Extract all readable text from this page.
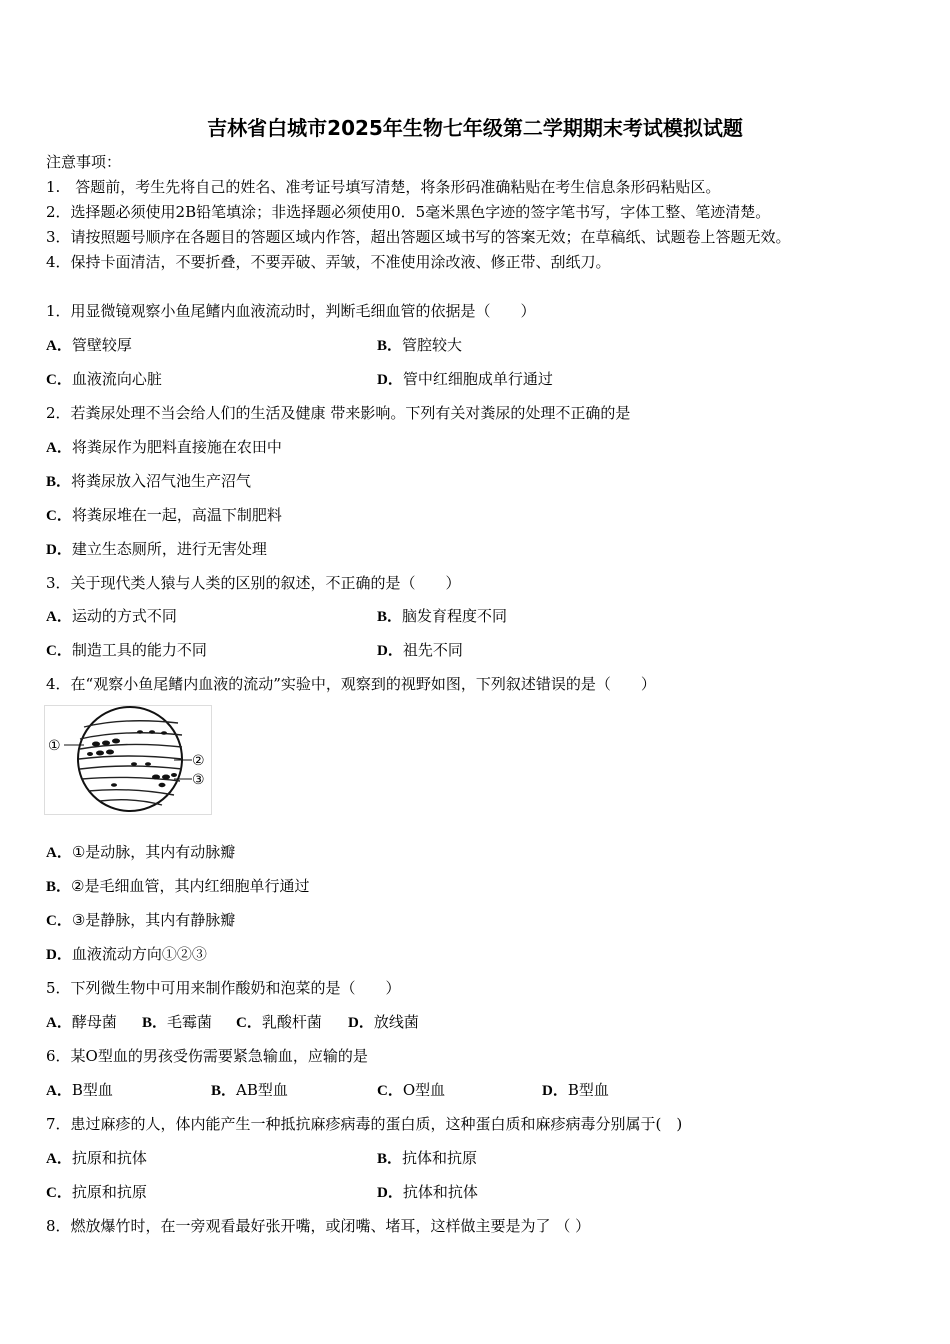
吉林省白城市2025年生物七年级第二学期期末考试模拟试题
注意事项：
1.　答题前，考生先将自己的姓名、准考证号填写清楚，将条形码准确粘贴在考生信息条形码粘贴区。
2．选择题必须使用2B铅笔填涂；非选择题必须使用0．5毫米黑色字迹的签字笔书写，字体工整、笔迹清楚。
3．请按照题号顺序在各题目的答题区域内作答，超出答题区域书写的答案无效；在草稿纸、试题卷上答题无效。
4．保持卡面清洁，不要折叠，不要弄破、弄皱，不准使用涂改液、修正带、刮纸刀。
1．用显微镜观察小鱼尾鳍内血液流动时，判断毛细血管的依据是（　　）
A．管壁较厚	B．管腔较大
C．血液流向心脏	D．管中红细胞成单行通过
2．若粪尿处理不当会给人们的生活及健康 带来影响。下列有关对粪尿的处理不正确的是
A．将粪尿作为肥料直接施在农田中
B．将粪尿放入沼气池生产沼气
C．将粪尿堆在一起，高温下制肥料
D．建立生态厕所，进行无害处理
3．关于现代类人猿与人类的区别的叙述，不正确的是（　　）
A．运动的方式不同	B．脑发育程度不同
C．制造工具的能力不同	D．祖先不同
4．在“观察小鱼尾鳍内血液的流动”实验中，观察到的视野如图，下列叙述错误的是（　　）
①
②
③
A．①是动脉，其内有动脉瓣
B．②是毛细血管，其内红细胞单行通过
C．③是静脉，其内有静脉瓣
D．血液流动方向①②③
5．下列微生物中可用来制作酸奶和泡菜的是（　　）
A．酵母菌 B．毛霉菌 C．乳酸杆菌 D．放线菌
6．某O型血的男孩受伤需要紧急输血，应输的是
A．B型血	B．AB型血	C．O型血	D．B型血
7．患过麻疹的人，体内能产生一种抵抗麻疹病毒的蛋白质，这种蛋白质和麻疹病毒分别属于(　)
A．抗原和抗体	B．抗体和抗原
C．抗原和抗原	D．抗体和抗体
8．燃放爆竹时，在一旁观看最好张开嘴，或闭嘴、堵耳，这样做主要是为了 （ ）
